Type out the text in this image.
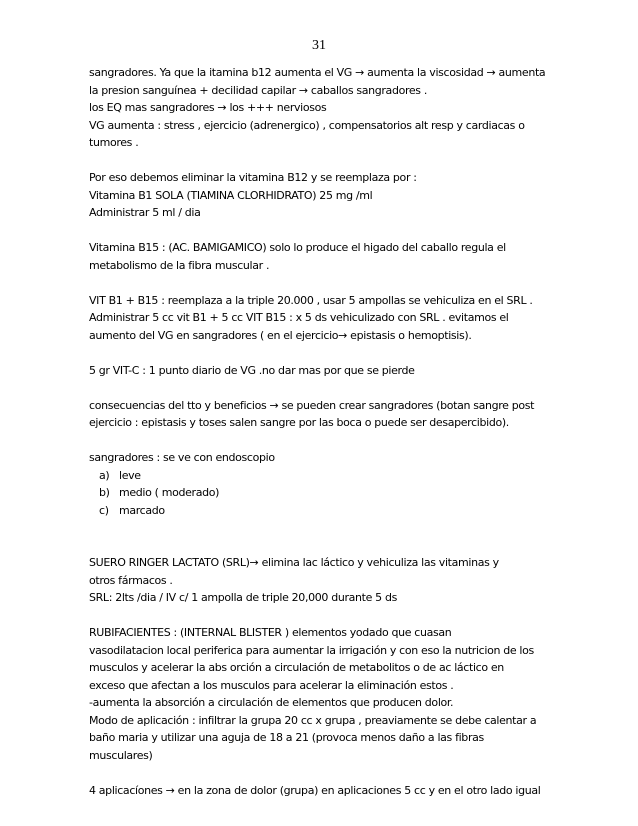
31
sangradores. Ya que la itamina b12 aumenta el VG → aumenta la viscosidad → aumenta
la presion sanguínea + decilidad capilar → caballos sangradores .
los EQ mas sangradores → los +++ nerviosos
VG aumenta : stress , ejercicio (adrenergico) , compensatorios alt resp y cardiacas o
tumores .
Por eso debemos eliminar la vitamina B12 y se reemplaza por :
Vitamina B1 SOLA (TIAMINA CLORHIDRATO) 25 mg /ml
Administrar 5 ml / dia
Vitamina B15 : (AC. BAMIGAMICO) solo lo produce el higado del caballo regula el
metabolismo de la fibra muscular .
VIT B1 + B15 : reemplaza a la triple 20.000 , usar 5 ampollas se vehiculiza en el SRL .
Administrar 5 cc vit B1 + 5 cc VIT B15 : x 5 ds vehiculizado con SRL . evitamos el
aumento del VG en sangradores ( en el ejercicio→ epistasis o hemoptisis).
5 gr VIT-C : 1 punto diario de VG .no dar mas por que se pierde
consecuencias del tto y beneficios → se pueden crear sangradores (botan sangre post
ejercicio : epistasis y toses salen sangre por las boca o puede ser desapercibido).
sangradores : se ve con endoscopio
a) leve
b) medio ( moderado)
c) marcado
SUERO RINGER LACTATO (SRL)→ elimina lac láctico y vehiculiza las vitaminas y
otros fármacos .
SRL: 2lts /dia / IV c/ 1 ampolla de triple 20,000 durante 5 ds
RUBIFACIENTES : (INTERNAL BLISTER ) elementos yodado que cuasan
vasodilatacion local periferica para aumentar la irrigación y con eso la nutricion de los
musculos y acelerar la abs orción a circulación de metabolitos o de ac láctico en
exceso que afectan a los musculos para acelerar la eliminación estos .
-aumenta la absorción a circulación de elementos que producen dolor.
Modo de aplicación : infiltrar la grupa 20 cc x grupa , preaviamente se debe calentar a
baño maria y utilizar una aguja de 18 a 21 (provoca menos daño a las fibras
musculares)
4 aplicacíones → en la zona de dolor (grupa) en aplicaciones 5 cc y en el otro lado igual
